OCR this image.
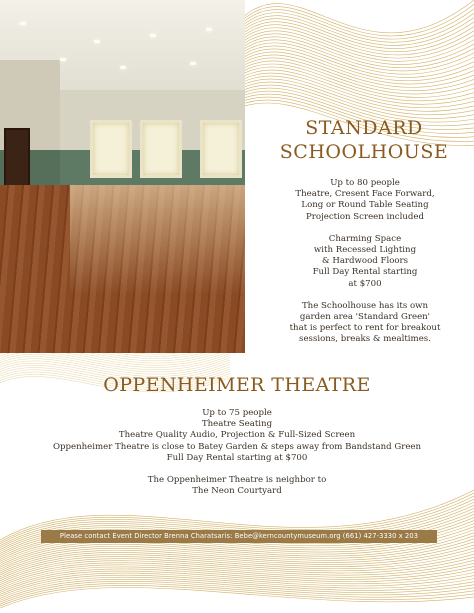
STANDARD
SCHOOLHOUSE
Up to 80 people
Theatre, Cresent Face Forward,
Long or Round Table Seating
Projection Screen included
Charming Space
with Recessed Lighting
& Hardwood Floors
Full Day Rental starting
at $700
The Schoolhouse has its own
garden area 'Standard Green'
that is perfect to rent for breakout
sessions, breaks & mealtimes.
OPPENHEIMER THEATRE
Up to 75 people
Theatre Seating
Theatre Quality Audio, Projection & Full-Sized Screen
Oppenheimer Theatre is close to Batey Garden & steps away from Bandstand Green
Full Day Rental starting at $700
The Oppenheimer Theatre is neighbor to
The Neon Courtyard
Please contact Event Director Brenna Charatsaris: Bebe@kerncountymuseum.org (661) 427-3330 x 203
